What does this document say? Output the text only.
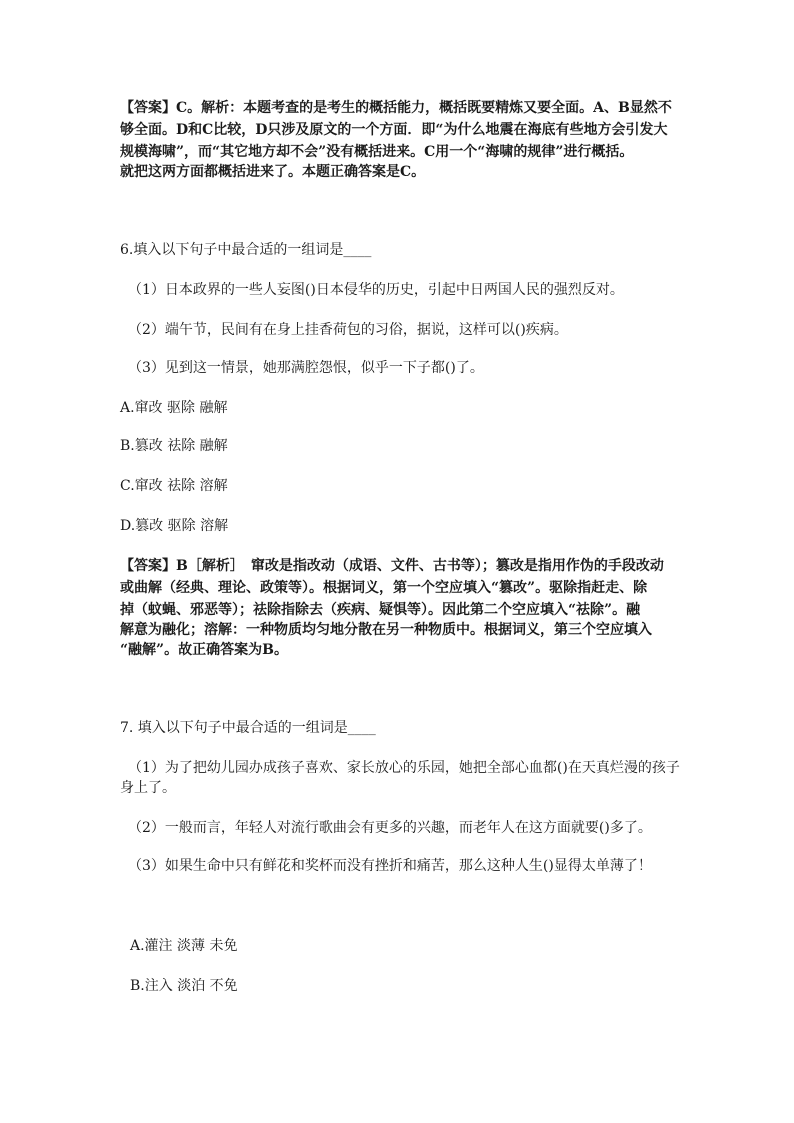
【答案】C。解析：本题考查的是考生的概括能力，概括既要精炼又要全面。A、B显然不
够全面。D和C比较，D只涉及原文的一个方面．即“为什么地震在海底有些地方会引发大
规模海啸”，而“其它地方却不会”没有概括进来。C用一个“海啸的规律”进行概括。
就把这两方面都概括进来了。本题正确答案是C。
6.填入以下句子中最合适的一组词是____
（1）日本政界的一些人妄图()日本侵华的历史，引起中日两国人民的强烈反对。
（2）端午节，民间有在身上挂香荷包的习俗，据说，这样可以()疾病。
（3）见到这一情景，她那满腔怨恨，似乎一下子都()了。
A.窜改 驱除 融解
B.篡改 祛除 融解
C.窜改 祛除 溶解
D.篡改 驱除 溶解
【答案】B［解析］　窜改是指改动（成语、文件、古书等）；篡改是指用作伪的手段改动
或曲解（经典、理论、政策等）。根据词义，第一个空应填入“篡改”。驱除指赶走、除
掉（蚊蝇、邪恶等）；祛除指除去（疾病、疑惧等）。因此第二个空应填入“祛除”。融
解意为融化；溶解：一种物质均匀地分散在另一种物质中。根据词义，第三个空应填入
“融解”。故正确答案为B。
7. 填入以下句子中最合适的一组词是____
（1）为了把幼儿园办成孩子喜欢、家长放心的乐园，她把全部心血都()在天真烂漫的孩子
身上了。
（2）一般而言，年轻人对流行歌曲会有更多的兴趣，而老年人在这方面就要()多了。
（3）如果生命中只有鲜花和奖杯而没有挫折和痛苦，那么这种人生()显得太单薄了！
A.灌注 淡薄 未免
B.注入 淡泊 不免
